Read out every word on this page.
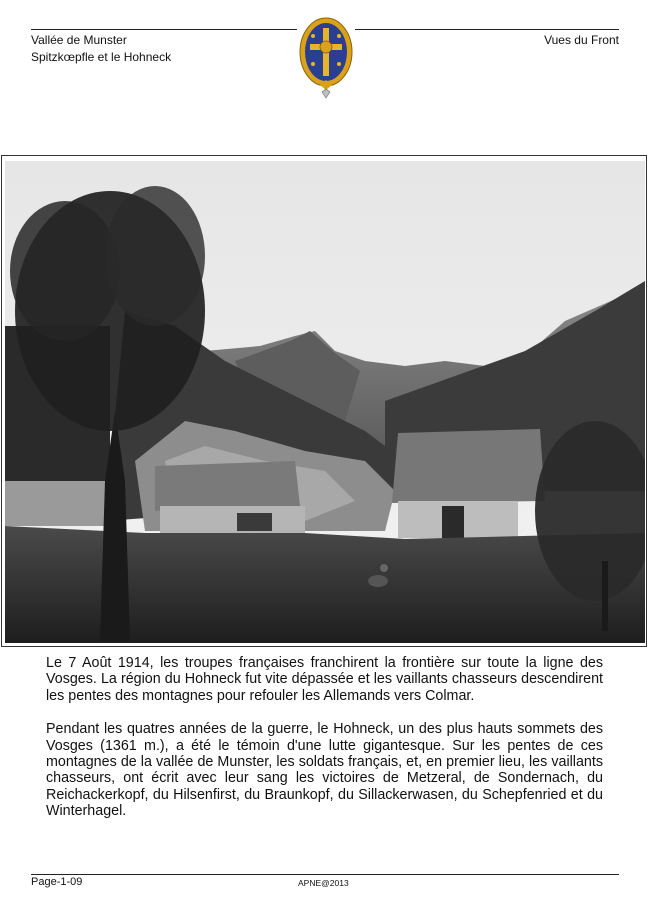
Vallée de Munster
Spitzkœpfle et le Hohneck
Vues du Front

Le 7 Août 1914, les troupes françaises franchirent la frontière sur toute la ligne des Vosges. La région du Hohneck fut vite dépassée et les vaillants chasseurs descendirent les pentes des montagnes pour refouler les Allemands vers Colmar.

Pendant les quatres années de la guerre, le Hohneck, un des plus hauts sommets des Vosges (1361 m.), a été le témoin d'une lutte gigantesque. Sur les pentes de ces montagnes de la vallée de Munster, les soldats français, et, en premier lieu, les vaillants chasseurs, ont écrit avec leur sang les victoires de Metzeral, de Sondernach, du Reichackerkopf, du Hilsenfirst, du Braunkopf, du Sillackerwasen, du Schepfenried et du Winterhagel.

Page-1-09	APNE@2013
